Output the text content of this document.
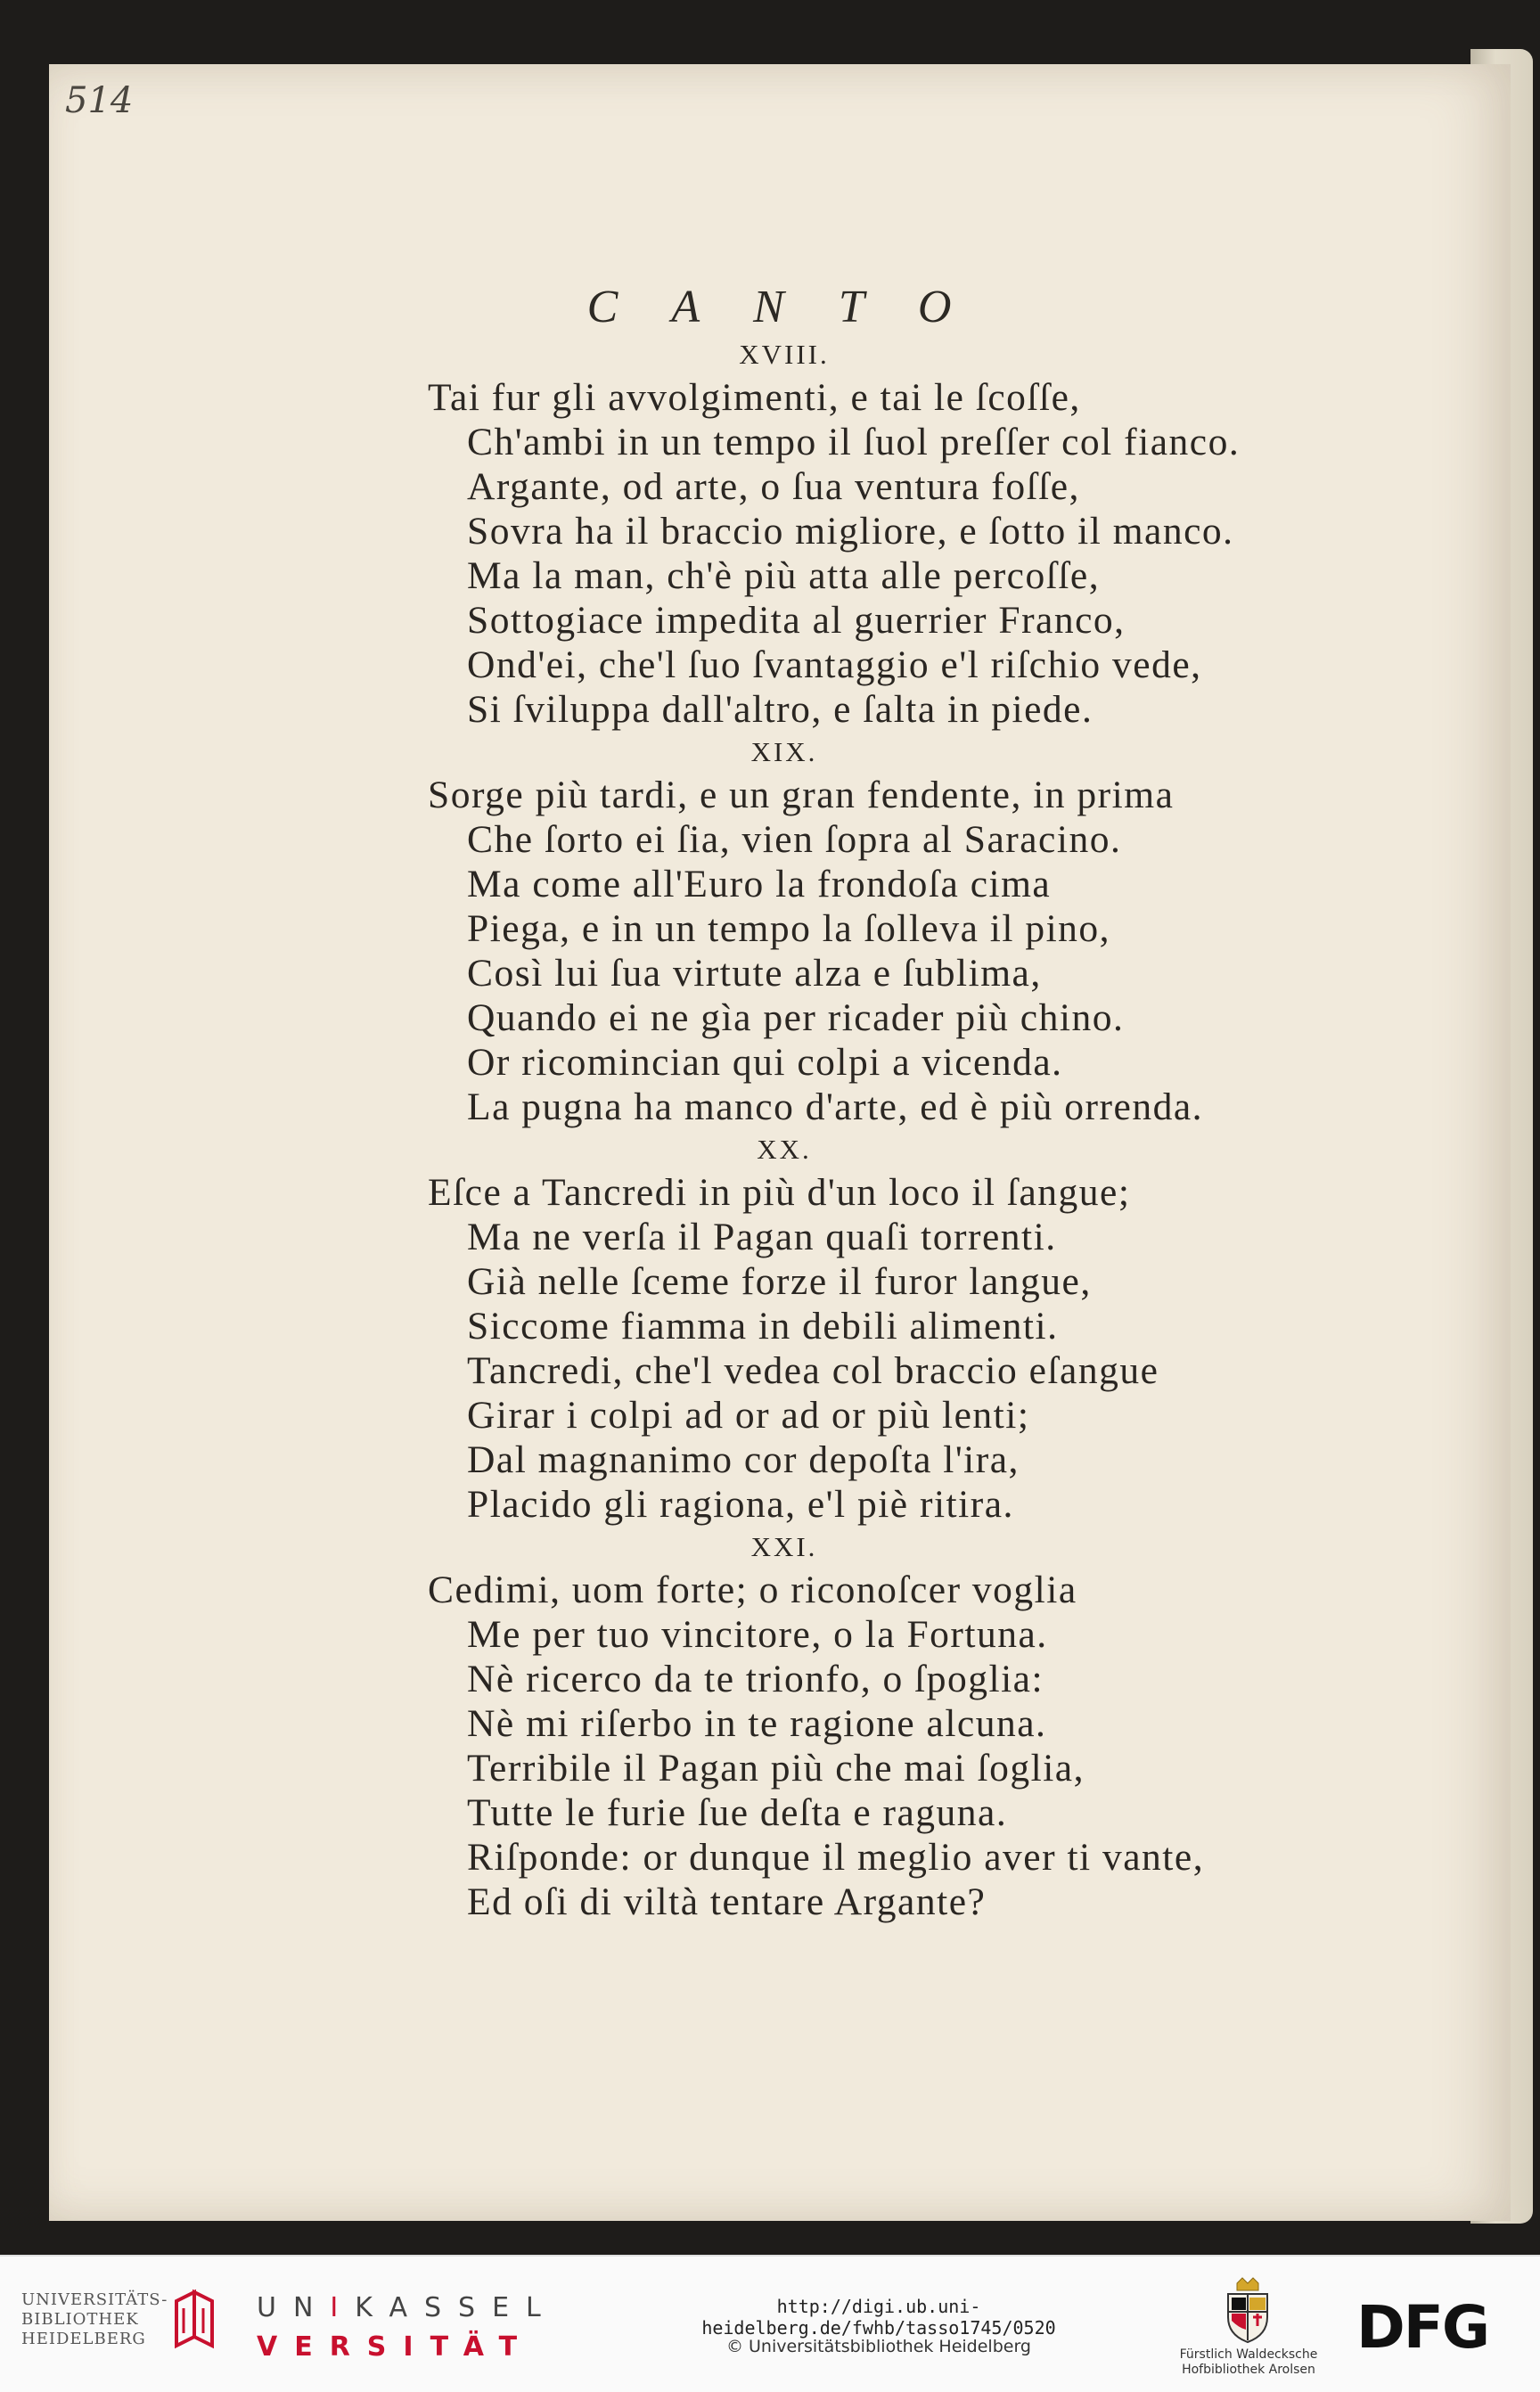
514
C A N T O
XVIII.
Tai fur gli avvolgimenti, e tai le ſcoſſe,
Ch'ambi in un tempo il ſuol preſſer col fianco.
Argante, od arte, o ſua ventura foſſe,
Sovra ha il braccio migliore, e ſotto il manco.
Ma la man, ch'è più atta alle percoſſe,
Sottogiace impedita al guerrier Franco,
Ond'ei, che'l ſuo ſvantaggio e'l riſchio vede,
Si ſviluppa dall'altro, e ſalta in piede.
XIX.
Sorge più tardi, e un gran fendente, in prima
Che ſorto ei ſia, vien ſopra al Saracino.
Ma come all'Euro la frondoſa cima
Piega, e in un tempo la ſolleva il pino,
Così lui ſua virtute alza e ſublima,
Quando ei ne gìa per ricader più chino.
Or ricomincian qui colpi a vicenda.
La pugna ha manco d'arte, ed è più orrenda.
XX.
Eſce a Tancredi in più d'un loco il ſangue;
Ma ne verſa il Pagan quaſi torrenti.
Già nelle ſceme forze il furor langue,
Siccome fiamma in debili alimenti.
Tancredi, che'l vedea col braccio eſangue
Girar i colpi ad or ad or più lenti;
Dal magnanimo cor depoſta l'ira,
Placido gli ragiona, e'l piè ritira.
XXI.
Cedimi, uom forte; o riconoſcer voglia
Me per tuo vincitore, o la Fortuna.
Nè ricerco da te trionfo, o ſpoglia:
Nè mi riſerbo in te ragione alcuna.
Terribile il Pagan più che mai ſoglia,
Tutte le furie ſue deſta e raguna.
Riſponde: or dunque il meglio aver ti vante,
Ed oſi di viltà tentare Argante?
UNIVERSITÄTS-
BIBLIOTHEK
HEIDELBERG
UNIKASSEL
VERSITÄT
http://digi.ub.uni-heidelberg.de/fwhb/tasso1745/0520
© Universitätsbibliothek Heidelberg	Fürstlich Waldecksche
Hofbibliothek Arolsen
DFG
